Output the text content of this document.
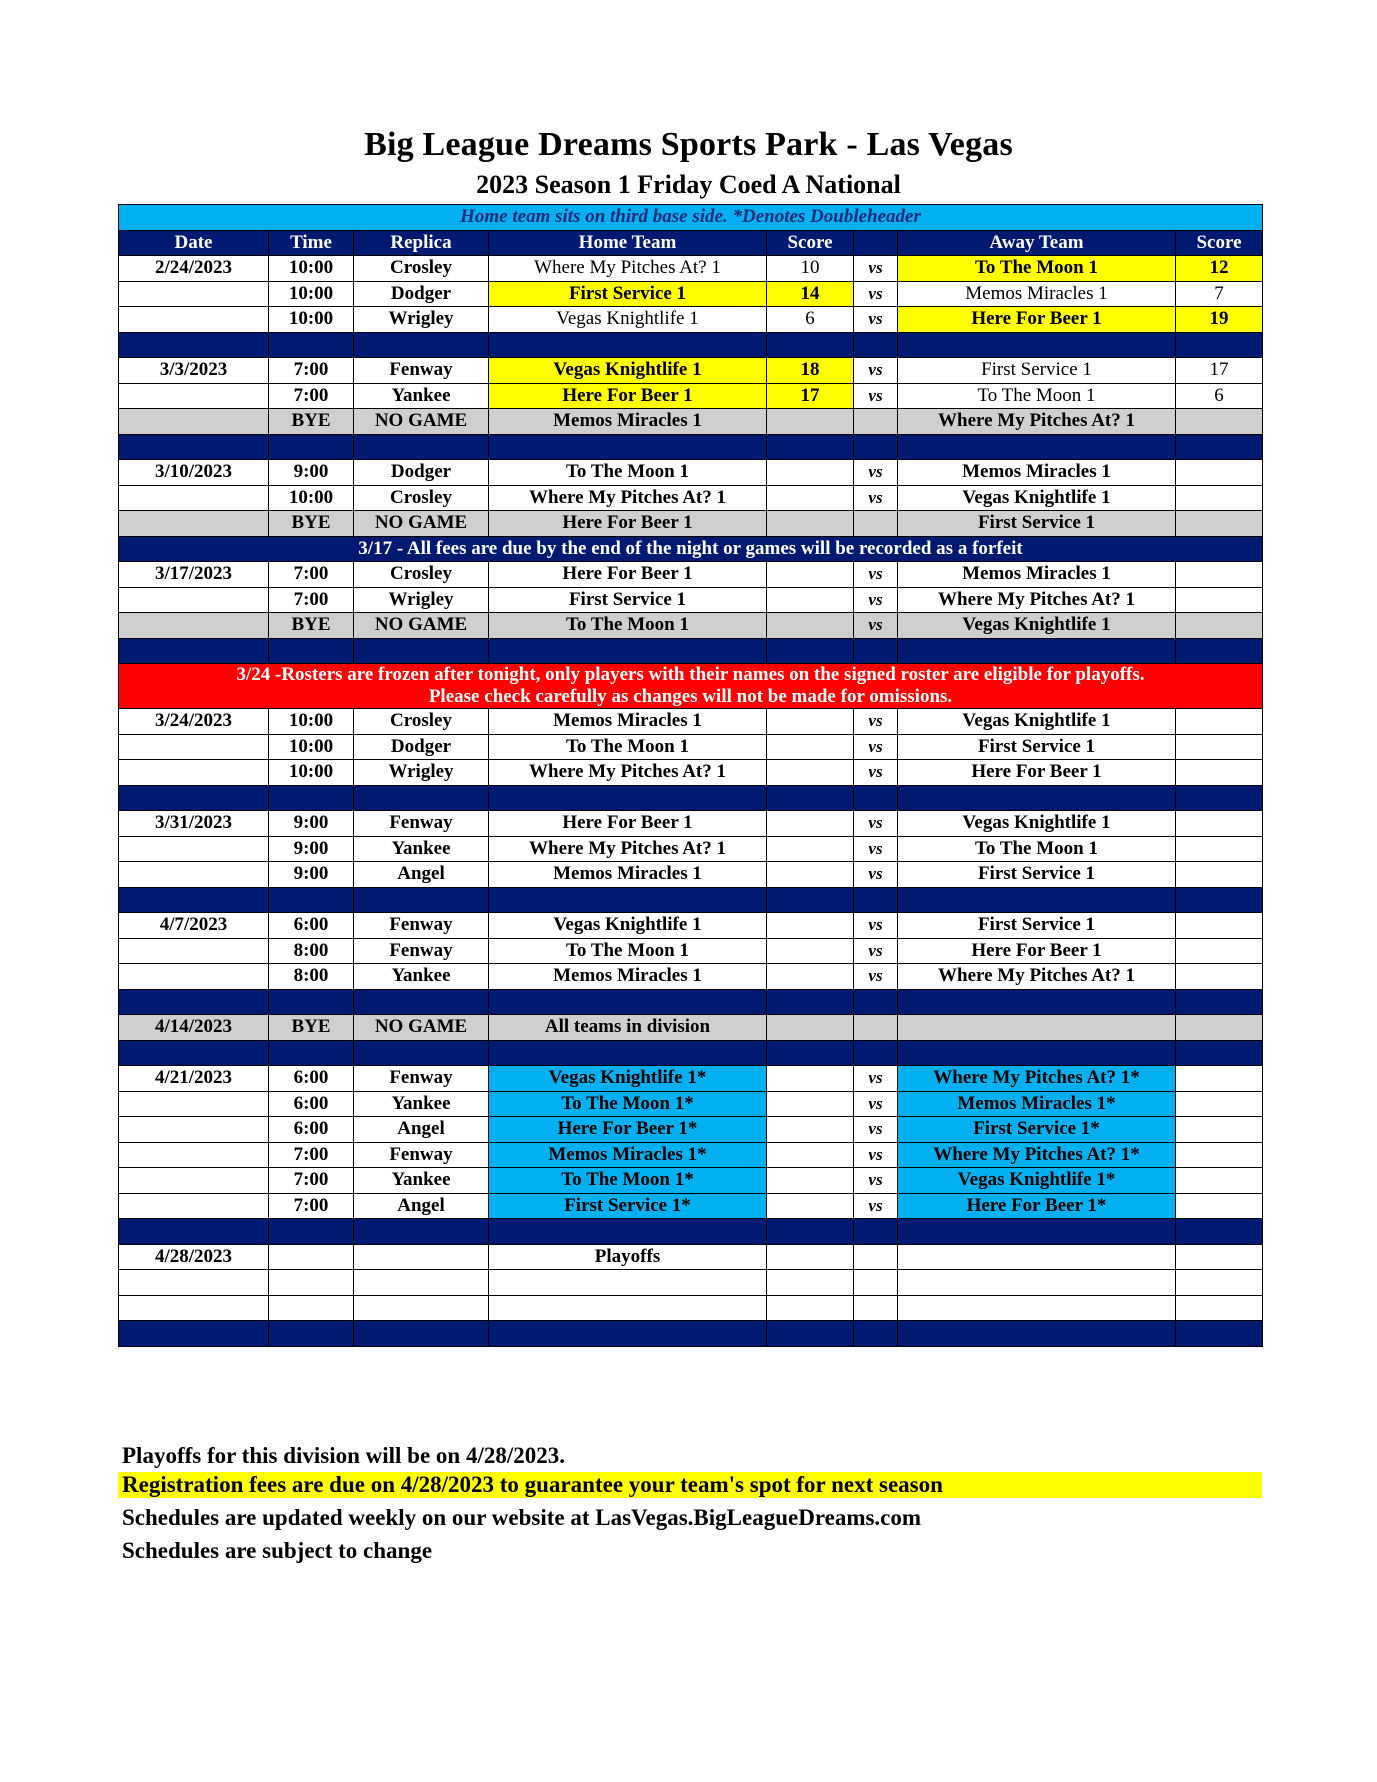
Big League Dreams Sports Park - Las Vegas
2023 Season 1 Friday Coed A National
Home team sits on third base side. *Denotes Doubleheader							
Date	Time	Replica	Home Team	Score		Away Team	Score
2/24/2023	10:00	Crosley	Where My Pitches At? 1	10	vs	To The Moon 1	12
	10:00	Dodger	First Service 1	14	vs	Memos Miracles 1	7
	10:00	Wrigley	Vegas Knightlife 1	6	vs	Here For Beer 1	19

3/3/2023	7:00	Fenway	Vegas Knightlife 1	18	vs	First Service 1	17
	7:00	Yankee	Here For Beer 1	17	vs	To The Moon 1	6
	BYE	NO GAME	Memos Miracles 1			Where My Pitches At? 1	

3/10/2023	9:00	Dodger	To The Moon 1		vs	Memos Miracles 1	
	10:00	Crosley	Where My Pitches At? 1		vs	Vegas Knightlife 1	
	BYE	NO GAME	Here For Beer 1			First Service 1	
3/17 - All fees are due by the end of the night or games will be recorded as a forfeit							
3/17/2023	7:00	Crosley	Here For Beer 1		vs	Memos Miracles 1	
	7:00	Wrigley	First Service 1		vs	Where My Pitches At? 1	
	BYE	NO GAME	To The Moon 1		vs	Vegas Knightlife 1	

3/24 -Rosters are frozen after tonight, only players with their names on the signed roster are eligible for playoffs.
Please check carefully as changes will not be made for omissions.							

3/24/2023	10:00	Crosley	Memos Miracles 1		vs	Vegas Knightlife 1	
	10:00	Dodger	To The Moon 1		vs	First Service 1	
	10:00	Wrigley	Where My Pitches At? 1		vs	Here For Beer 1	

3/31/2023	9:00	Fenway	Here For Beer 1		vs	Vegas Knightlife 1	
	9:00	Yankee	Where My Pitches At? 1		vs	To The Moon 1	
	9:00	Angel	Memos Miracles 1		vs	First Service 1	

4/7/2023	6:00	Fenway	Vegas Knightlife 1		vs	First Service 1	
	8:00	Fenway	To The Moon 1		vs	Here For Beer 1	
	8:00	Yankee	Memos Miracles 1		vs	Where My Pitches At? 1	

4/14/2023	BYE	NO GAME	All teams in division				

4/21/2023	6:00	Fenway	Vegas Knightlife 1*		vs	Where My Pitches At? 1*	
	6:00	Yankee	To The Moon 1*		vs	Memos Miracles 1*	
	6:00	Angel	Here For Beer 1*		vs	First Service 1*	
	7:00	Fenway	Memos Miracles 1*		vs	Where My Pitches At? 1*	
	7:00	Yankee	To The Moon 1*		vs	Vegas Knightlife 1*	
	7:00	Angel	First Service 1*		vs	Here For Beer 1*	

4/28/2023			Playoffs				

Playoffs for this division will be on 4/28/2023.
Registration fees are due on 4/28/2023 to guarantee your team's spot for next season
Schedules are updated weekly on our website at LasVegas.BigLeagueDreams.com
Schedules are subject to change
